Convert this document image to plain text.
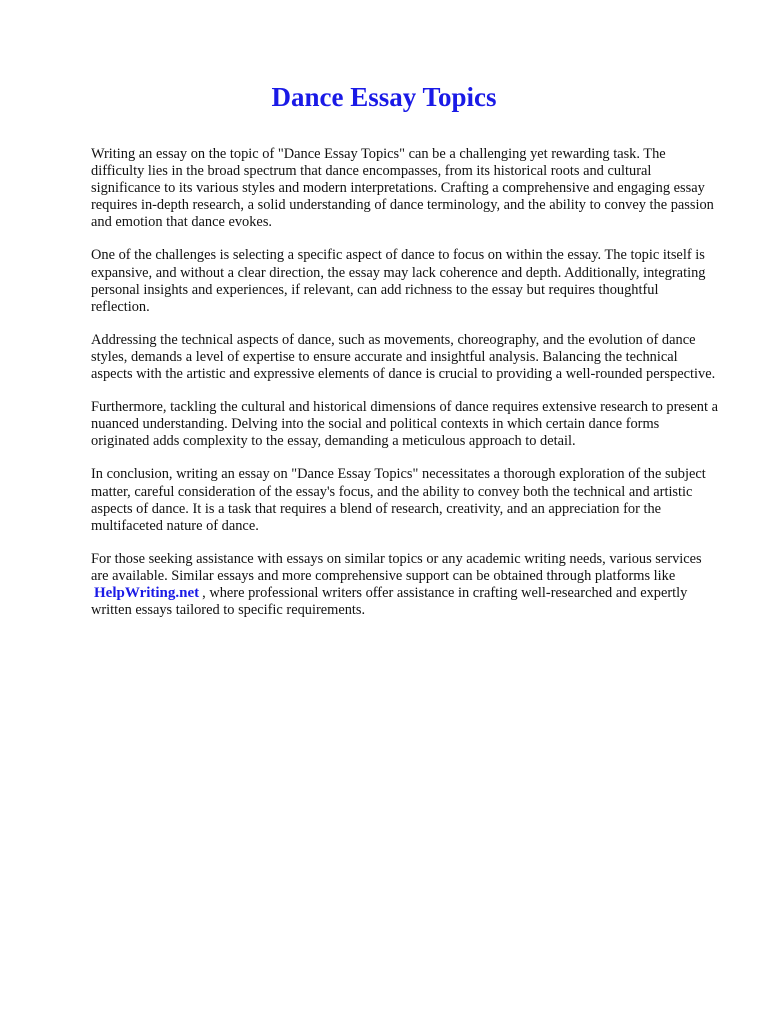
Dance Essay Topics

Writing an essay on the topic of "Dance Essay Topics" can be a challenging yet rewarding task. The difficulty lies in the broad spectrum that dance encompasses, from its historical roots and cultural significance to its various styles and modern interpretations. Crafting a comprehensive and engaging essay requires in-depth research, a solid understanding of dance terminology, and the ability to convey the passion and emotion that dance evokes.

One of the challenges is selecting a specific aspect of dance to focus on within the essay. The topic itself is expansive, and without a clear direction, the essay may lack coherence and depth. Additionally, integrating personal insights and experiences, if relevant, can add richness to the essay but requires thoughtful reflection.

Addressing the technical aspects of dance, such as movements, choreography, and the evolution of dance styles, demands a level of expertise to ensure accurate and insightful analysis. Balancing the technical aspects with the artistic and expressive elements of dance is crucial to providing a well-rounded perspective.

Furthermore, tackling the cultural and historical dimensions of dance requires extensive research to present a nuanced understanding. Delving into the social and political contexts in which certain dance forms originated adds complexity to the essay, demanding a meticulous approach to detail.

In conclusion, writing an essay on "Dance Essay Topics" necessitates a thorough exploration of the subject matter, careful consideration of the essay's focus, and the ability to convey both the technical and artistic aspects of dance. It is a task that requires a blend of research, creativity, and an appreciation for the multifaceted nature of dance.

For those seeking assistance with essays on similar topics or any academic writing needs, various services are available. Similar essays and more comprehensive support can be obtained through platforms like HelpWriting.net , where professional writers offer assistance in crafting well-researched and expertly written essays tailored to specific requirements.
